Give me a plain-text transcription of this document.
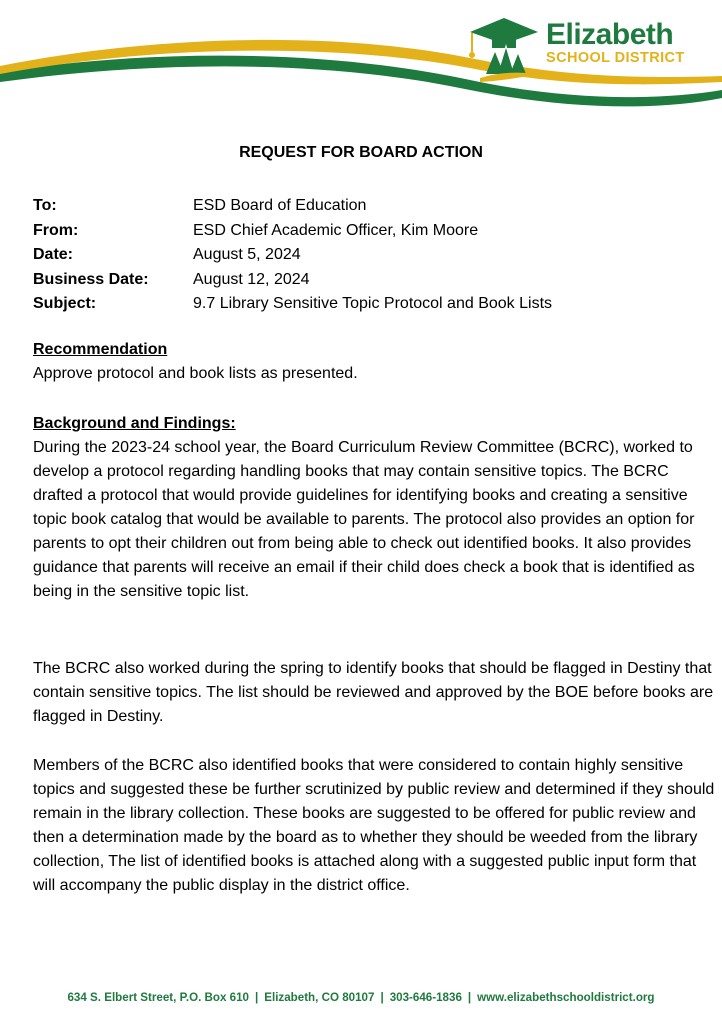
Elizabeth
SCHOOL DISTRICT
REQUEST FOR BOARD ACTION
To:	ESD Board of Education
From:	ESD Chief Academic Officer, Kim Moore
Date:	August 5, 2024
Business Date:	August 12, 2024
Subject:	9.7 Library Sensitive Topic Protocol and Book Lists
Recommendation
Approve protocol and book lists as presented.
Background and Findings:

During the 2023-24 school year, the Board Curriculum Review Committee (BCRC), worked to develop a protocol regarding handling books that may contain sensitive topics. The BCRC drafted a protocol that would provide guidelines for identifying books and creating a sensitive topic book catalog that would be available to parents. The protocol also provides an option for parents to opt their children out from being able to check out identified books. It also provides guidance that parents will receive an email if their child does check a book that is identified as being in the sensitive topic list.

The BCRC also worked during the spring to identify books that should be flagged in Destiny that contain sensitive topics. The list should be reviewed and approved by the BOE before books are flagged in Destiny.

Members of the BCRC also identified books that were considered to contain highly sensitive topics and suggested these be further scrutinized by public review and determined if they should remain in the library collection. These books are suggested to be offered for public review and then a determination made by the board as to whether they should be weeded from the library collection, The list of identified books is attached along with a suggested public input form that will accompany the public display in the district office.

634 S. Elbert Street, P.O. Box 610 | Elizabeth, CO 80107 | 303-646-1836 | www.elizabethschooldistrict.org
